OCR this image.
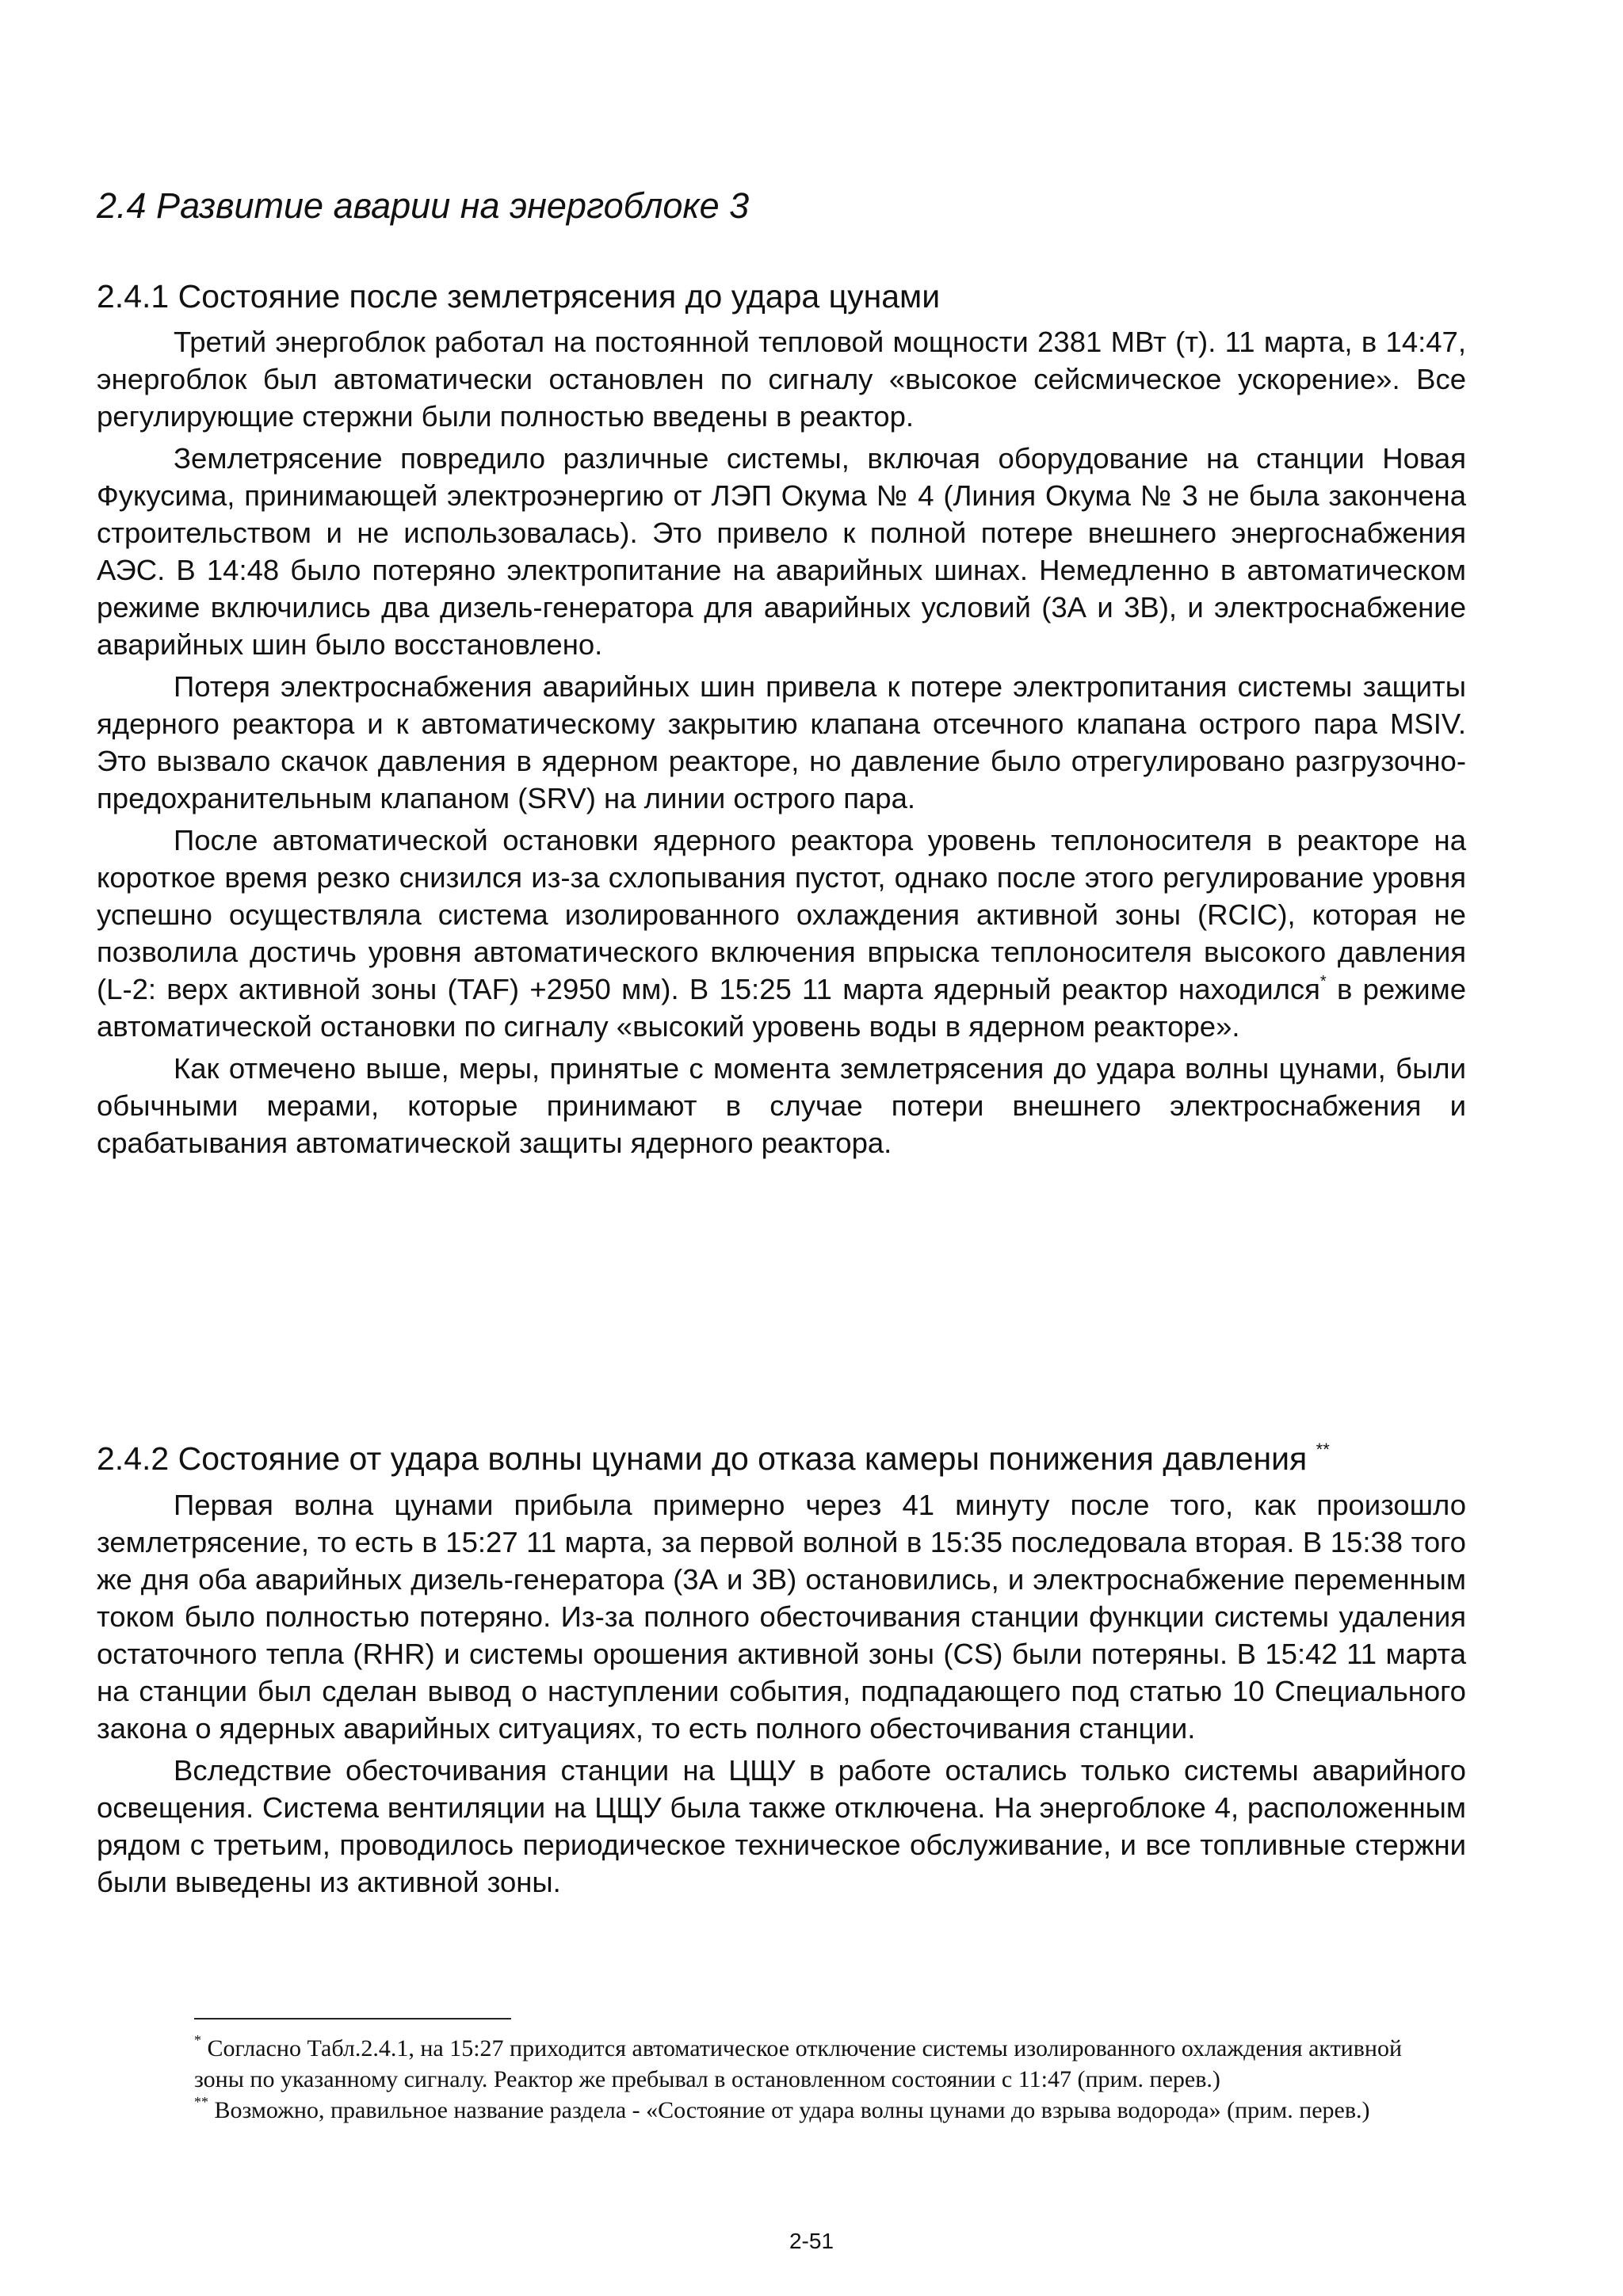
2.4 Развитие аварии на энергоблоке 3
2.4.1 Состояние после землетрясения до удара цунами

Третий энергоблок работал на постоянной тепловой мощности 2381 МВт (т). 11 марта, в 14:47, энергоблок был автоматически остановлен по сигналу «высокое сейсмическое ускорение». Все регулирующие стержни были полностью введены в реактор.

Землетрясение повредило различные системы, включая оборудование на станции Новая Фукусима, принимающей электроэнергию от ЛЭП Окума № 4 (Линия Окума № 3 не была закончена строительством и не использовалась). Это привело к полной потере внешнего энергоснабжения АЭС. В 14:48 было потеряно электропитание на аварийных шинах. Немедленно в автоматическом режиме включились два дизель-генератора для аварийных условий (3А и 3В), и электроснабжение аварийных шин было восстановлено.

Потеря электроснабжения аварийных шин привела к потере электропитания системы защиты ядерного реактора и к автоматическому закрытию клапана отсечного клапана острого пара MSIV. Это вызвало скачок давления в ядерном реакторе, но давление было отрегулировано разгрузочно-предохранительным клапаном (SRV) на линии острого пара.

После автоматической остановки ядерного реактора уровень теплоносителя в реакторе на короткое время резко снизился из-за схлопывания пустот, однако после этого регулирование уровня успешно осуществляла система изолированного охлаждения активной зоны (RCIC), которая не позволила достичь уровня автоматического включения впрыска теплоносителя высокого давления (L-2: верх активной зоны (TAF) +2950 мм). В 15:25 11 марта ядерный реактор находился* в режиме автоматической остановки по сигналу «высокий уровень воды в ядерном реакторе».

Как отмечено выше, меры, принятые с момента землетрясения до удара волны цунами, были обычными мерами, которые принимают в случае потери внешнего электроснабжения и срабатывания автоматической защиты ядерного реактора.

2.4.2 Состояние от удара волны цунами до отказа камеры понижения давления **

Первая волна цунами прибыла примерно через 41 минуту после того, как произошло землетрясение, то есть в 15:27 11 марта, за первой волной в 15:35 последовала вторая. В 15:38 того же дня оба аварийных дизель-генератора (3А и 3В) остановились, и электроснабжение переменным током было полностью потеряно. Из-за полного обесточивания станции функции системы удаления остаточного тепла (RHR) и системы орошения активной зоны (CS) были потеряны. В 15:42 11 марта на станции был сделан вывод о наступлении события, подпадающего под статью 10 Специального закона о ядерных аварийных ситуациях, то есть полного обесточивания станции.

Вследствие обесточивания станции на ЦЩУ в работе остались только системы аварийного освещения. Система вентиляции на ЦЩУ была также отключена. На энергоблоке 4, расположенным рядом с третьим, проводилось периодическое техническое обслуживание, и все топливные стержни были выведены из активной зоны.

* Согласно Табл.2.4.1, на 15:27 приходится автоматическое отключение системы изолированного охлаждения активной зоны по указанному сигналу. Реактор же пребывал в остановленном состоянии с 11:47 (прим. перев.)

** Возможно, правильное название раздела - «Состояние от удара волны цунами до взрыва водорода» (прим. перев.)

2-51
